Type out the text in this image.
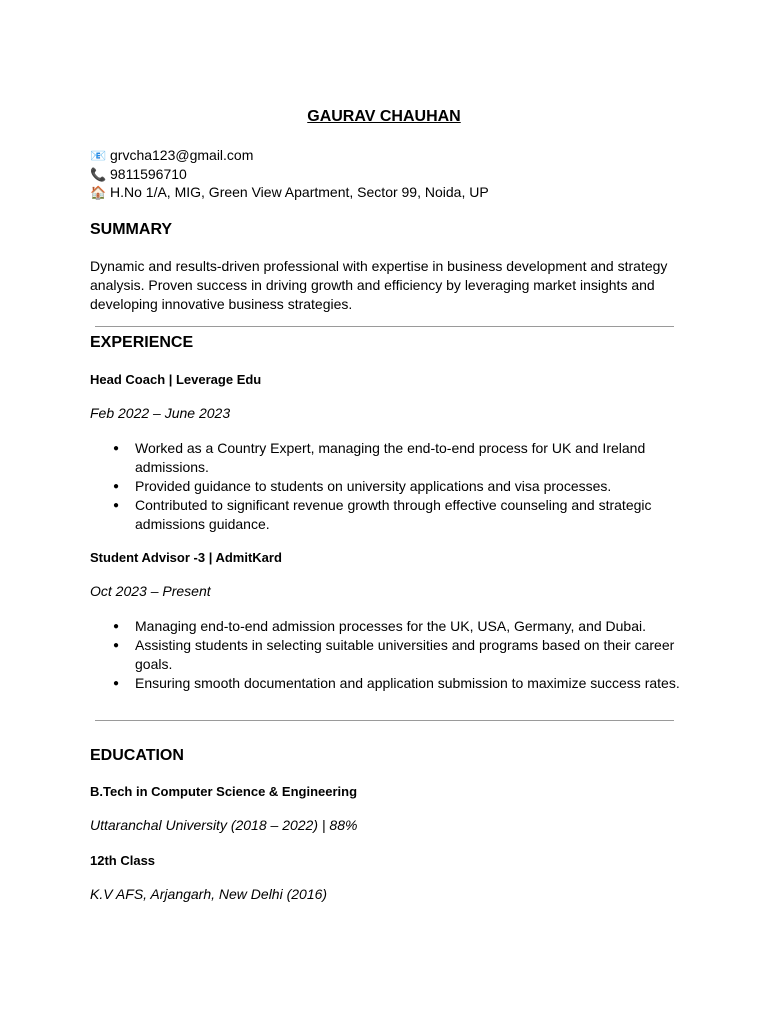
GAURAV CHAUHAN
📧 grvcha123@gmail.com
📞 9811596710
🏠 H.No 1/A, MIG, Green View Apartment, Sector 99, Noida, UP
SUMMARY
Dynamic and results-driven professional with expertise in business development and strategy analysis. Proven success in driving growth and efficiency by leveraging market insights and developing innovative business strategies.
EXPERIENCE
Head Coach | Leverage Edu
Feb 2022 – June 2023
● Worked as a Country Expert, managing the end-to-end process for UK and Ireland admissions.
● Provided guidance to students on university applications and visa processes.
● Contributed to significant revenue growth through effective counseling and strategic admissions guidance.
Student Advisor -3 | AdmitKard
Oct 2023 – Present
● Managing end-to-end admission processes for the UK, USA, Germany, and Dubai.
● Assisting students in selecting suitable universities and programs based on their career goals.
● Ensuring smooth documentation and application submission to maximize success rates.
EDUCATION
B.Tech in Computer Science & Engineering
Uttaranchal University (2018 – 2022) | 88%
12th Class
K.V AFS, Arjangarh, New Delhi (2016)
